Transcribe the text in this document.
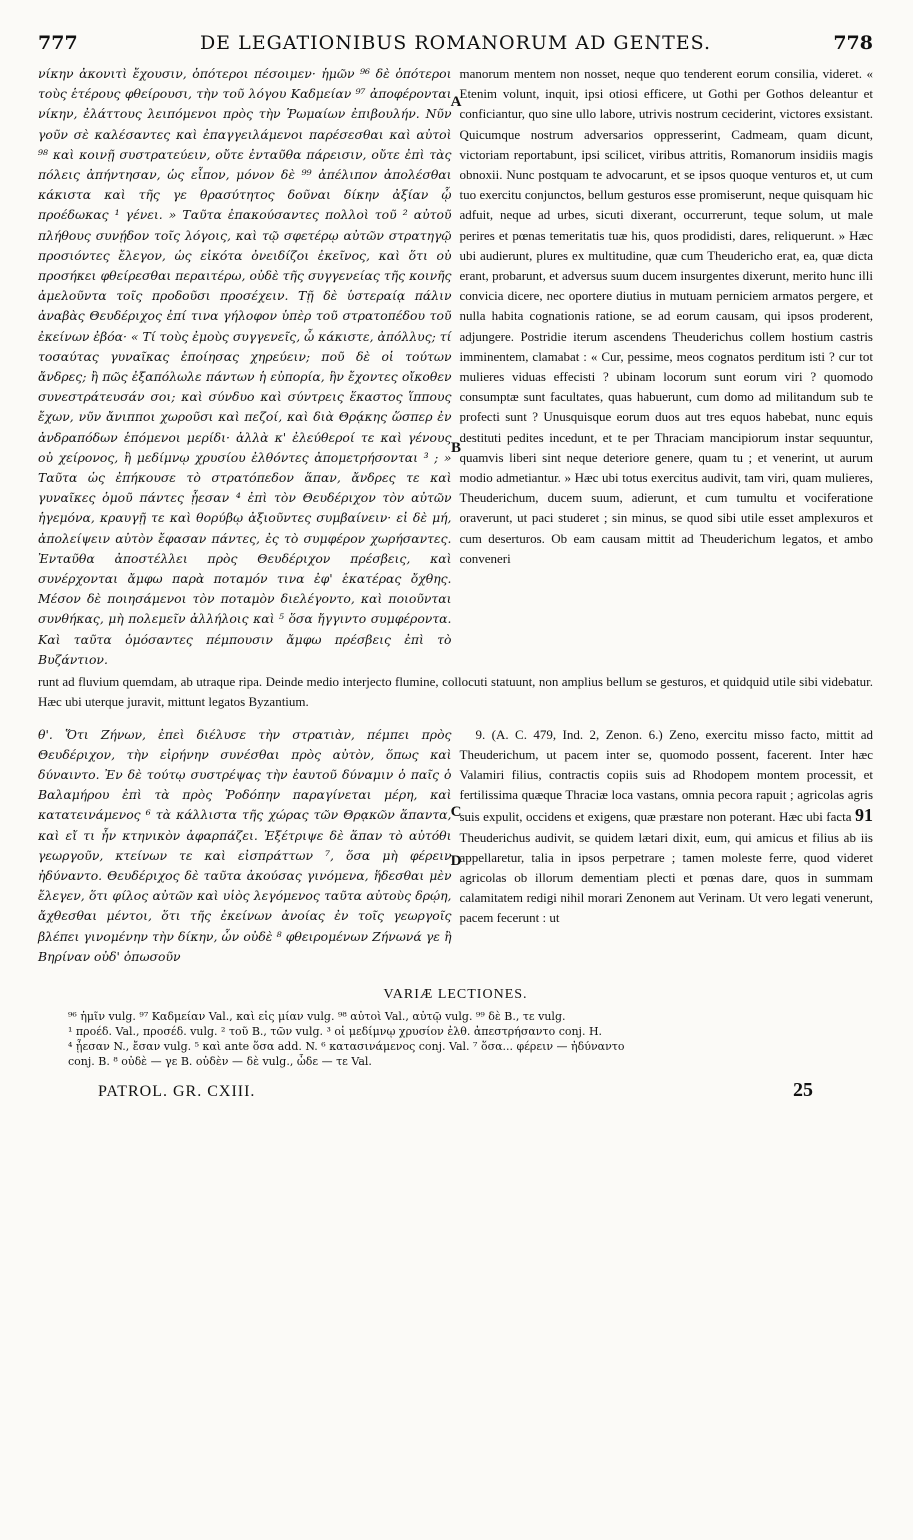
777	DE LEGATIONIBUS ROMANORUM AD GENTES.	778

νίκην ἀκονιτὶ ἔχουσιν, ὁπότεροι πέσοιμεν· ἡμῶν ⁹⁶ δὲ ὁπότεροι τοὺς ἑτέρους φθείρουσι, τὴν τοῦ λόγου Καδμείαν ⁹⁷ ἀποφέρονται νίκην, ἐλάττους λειπόμενοι πρὸς τὴν Ῥωμαίων ἐπιβουλήν. Νῦν γοῦν σὲ καλέσαντες καὶ ἐπαγγειλάμενοι παρέσεσθαι καὶ αὐτοὶ ⁹⁸ καὶ κοινῇ συστρατεύειν, οὔτε ἐνταῦθα πάρεισιν, οὔτε ἐπὶ τὰς πόλεις ἀπήντησαν, ὡς εἶπον, μόνον δὲ ⁹⁹ ἀπέλιπον ἀπολέσθαι κάκιστα καὶ τῆς γε θρασύτητος δοῦναι δίκην ἀξίαν ᾧ προέδωκας ¹ γένει. » Ταῦτα ἐπακούσαντες πολλοὶ τοῦ ² αὐτοῦ πλήθους συνῄδον τοῖς λόγοις, καὶ τῷ σφετέρῳ αὐτῶν στρατηγῷ προσιόντες ἔλεγον, ὡς εἰκότα ὀνειδίζοι ἐκεῖνος, καὶ ὅτι οὐ προσήκει φθείρεσθαι περαιτέρω, οὐδὲ τῆς συγγενείας τῆς κοινῆς ἀμελοῦντα τοῖς προδοῦσι προσέχειν. Τῇ δὲ ὑστεραίᾳ πάλιν ἀναβὰς Θευδέριχος ἐπί τινα γήλοφον ὑπὲρ τοῦ στρατοπέδου τοῦ ἐκείνων ἐβόα· « Τί τοὺς ἐμοὺς συγγενεῖς, ὦ κάκιστε, ἀπόλλυς; τί τοσαύτας γυναῖκας ἐποίησας χηρεύειν; ποῦ δὲ οἱ τούτων ἄνδρες; ἢ πῶς ἐξαπόλωλε πάντων ἡ εὐπορία, ἣν ἔχοντες οἴκοθεν συνεστράτευσάν σοι; καὶ σύνδυο καὶ σύντρεις ἕκαστος ἵππους ἔχων, νῦν ἄνιπποι χωροῦσι καὶ πεζοί, καὶ διὰ Θρᾴκης ὥσπερ ἐν ἀνδραπόδων ἑπόμενοι μερίδι· ἀλλὰ κ' ἐλεύθεροί τε καὶ γένους οὐ χείρονος, ἢ μεδίμνῳ χρυσίου ἐλθόντες ἀπομετρήσονται ³ ; » Ταῦτα ὡς ἐπήκουσε τὸ στρατόπεδον ἅπαν, ἄνδρες τε καὶ γυναῖκες ὁμοῦ πάντες ᾖεσαν ⁴ ἐπὶ τὸν Θευδέριχον τὸν αὐτῶν ἡγεμόνα, κραυγῇ τε καὶ θορύβῳ ἀξιοῦντες συμβαίνειν· εἰ δὲ μή, ἀπολείψειν αὐτὸν ἔφασαν πάντες, ἐς τὸ συμφέρον χωρήσαντες. Ἐνταῦθα ἀποστέλλει πρὸς Θευδέριχον πρέσβεις, καὶ συνέρχονται ἄμφω παρὰ ποταμόν τινα ἐφ' ἑκατέρας ὄχθης. Μέσον δὲ ποιησάμενοι τὸν ποταμὸν διελέγοντο, καὶ ποιοῦνται συνθήκας, μὴ πολεμεῖν ἀλλήλοις καὶ ⁵ ὅσα ἤγγιντο συμφέροντα. Καὶ ταῦτα ὁμόσαντες πέμπουσιν ἄμφω πρέσβεις ἐπὶ τὸ Βυζάντιον.

manorum mentem non nosset, neque quo tenderent eorum consilia, videret. « Etenim volunt, inquit, ipsi otiosi efficere, ut Gothi per Gothos deleantur et conficiantur, quo sine ullo labore, utrivis nostrum ceciderint, victores exsistant. Quicumque nostrum adversarios oppresserint, Cadmeam, quam dicunt, victoriam reportabunt, ipsi scilicet, viribus attritis, Romanorum insidiis magis obnoxii. Nunc postquam te advocarunt, et se ipsos quoque venturos et, ut cum tuo exercitu conjunctos, bellum gesturos esse promiserunt, neque quisquam hic adfuit, neque ad urbes, sicuti dixerant, occurrerunt, teque solum, ut male perires et pœnas temeritatis tuæ his, quos prodidisti, dares, reliquerunt. » Hæc ubi audierunt, plures ex multitudine, quæ cum Theudericho erat, ea, quæ dicta erant, probarunt, et adversus suum ducem insurgentes dixerunt, merito hunc illi convicia dicere, nec oportere diutius in mutuam perniciem armatos pergere, et nulla habita cognationis ratione, se ad eorum causam, qui ipsos proderent, adjungere. Postridie iterum ascendens Theuderichus collem hostium castris imminentem, clamabat : « Cur, pessime, meos cognatos perditum isti ? cur tot mulieres viduas effecisti ? ubinam locorum sunt eorum viri ? quomodo consumptæ sunt facultates, quas habuerunt, cum domo ad militandum sub te profecti sunt ? Unusquisque eorum duos aut tres equos habebat, nunc equis destituti pedites incedunt, et te per Thraciam mancipiorum instar sequuntur, quamvis liberi sint neque deteriore genere, quam tu ; et venerint, ut aurum modio admetiantur. » Hæc ubi totus exercitus audivit, tam viri, quam mulieres, Theuderichum, ducem suum, adierunt, et cum tumultu et vociferatione oraverunt, ut paci studeret ; sin minus, se quod sibi utile esset amplexuros et cum deserturos. Ob eam causam mittit ad Theuderichum legatos, et ambo conveneri

A
B
C

runt ad fluvium quemdam, ab utraque ripa. Deinde medio interjecto flumine, collocuti statuunt, non amplius bellum se gesturos, et quidquid utile sibi videbatur. Hæc ubi uterque juravit, mittunt legatos Byzantium.

θ'. Ὅτι Ζήνων, ἐπεὶ διέλυσε τὴν στρατιὰν, πέμπει πρὸς Θευδέριχον, τὴν εἰρήνην συνέσθαι πρὸς αὐτὸν, ὅπως καὶ δύναιντο. Ἐν δὲ τούτῳ συστρέψας τὴν ἑαυτοῦ δύναμιν ὁ παῖς ὁ Βαλαμήρου ἐπὶ τὰ πρὸς Ῥοδόπην παραγίνεται μέρη, καὶ κατατεινάμενος ⁶ τὰ κάλλιστα τῆς χώρας τῶν Θρᾳκῶν ἅπαντα, καὶ εἴ τι ἦν κτηνικὸν ἀφαρπάζει. Ἐξέτριψε δὲ ἅπαν τὸ αὐτόθι γεωργοῦν, κτείνων τε καὶ εἰσπράττων ⁷, ὅσα μὴ φέρειν ἠδύναντο. Θευδέριχος δὲ ταῦτα ἀκούσας γινόμενα, ἥδεσθαι μὲν ἔλεγεν, ὅτι φίλος αὐτῶν καὶ υἱὸς λεγόμενος ταῦτα αὐτοὺς δρῴη, ἄχθεσθαι μέντοι, ὅτι τῆς ἐκείνων ἀνοίας ἐν τοῖς γεωργοῖς βλέπει γινομένην τὴν δίκην, ὧν οὐδὲ ⁸ φθειρομένων Ζήνωνά γε ἢ Βηρίναν οὐδ' ὁπωσοῦν

9. (A. C. 479, Ind. 2, Zenon. 6.) Zeno, exercitu misso facto, mittit ad Theuderichum, ut pacem inter se, quomodo possent, facerent. Inter hæc Valamiri filius, contractis copiis suis ad Rhodopem montem processit, et fertilissima quæque Thraciæ loca vastans, omnia pecora rapuit ; agricolas agris suis expulit, occidens et exigens, quæ præstare non poterant. Hæc ubi facta 91 Theuderichus audivit, se quidem lætari dixit, eum, qui amicus et filius ab iis appellaretur, talia in ipsos perpetrare ; tamen moleste ferre, quod videret agricolas ob illorum dementiam plecti et pœnas dare, quos in summam calamitatem redigi nihil morari Zenonem aut Verinam. Ut vero legati venerunt, pacem fecerunt : ut

D
VARIÆ LECTIONES.

⁹⁶ ἡμῖν vulg. ⁹⁷ Καδμείαν Val., καὶ εἰς μίαν vulg. ⁹⁸ αὐτοὶ Val., αὐτῷ vulg. ⁹⁹ δὲ B., τε vulg.

¹ προέδ. Val., προσέδ. vulg. ² τοῦ B., τῶν vulg. ³ οἱ μεδίμνῳ χρυσίον ἐλθ. ἀπεστρήσαντο conj. H.

⁴ ᾖεσαν N., ἔσαν vulg. ⁵ καὶ ante ὅσα add. N. ⁶ κατασινάμενος conj. Val. ⁷ ὅσα... φέρειν — ἠδύναντο

conj. B. ⁸ οὐδὲ — γε B. οὐδὲν — δὲ vulg., ὧδε — τε Val.

PATROL. GR. CXIII.	25
